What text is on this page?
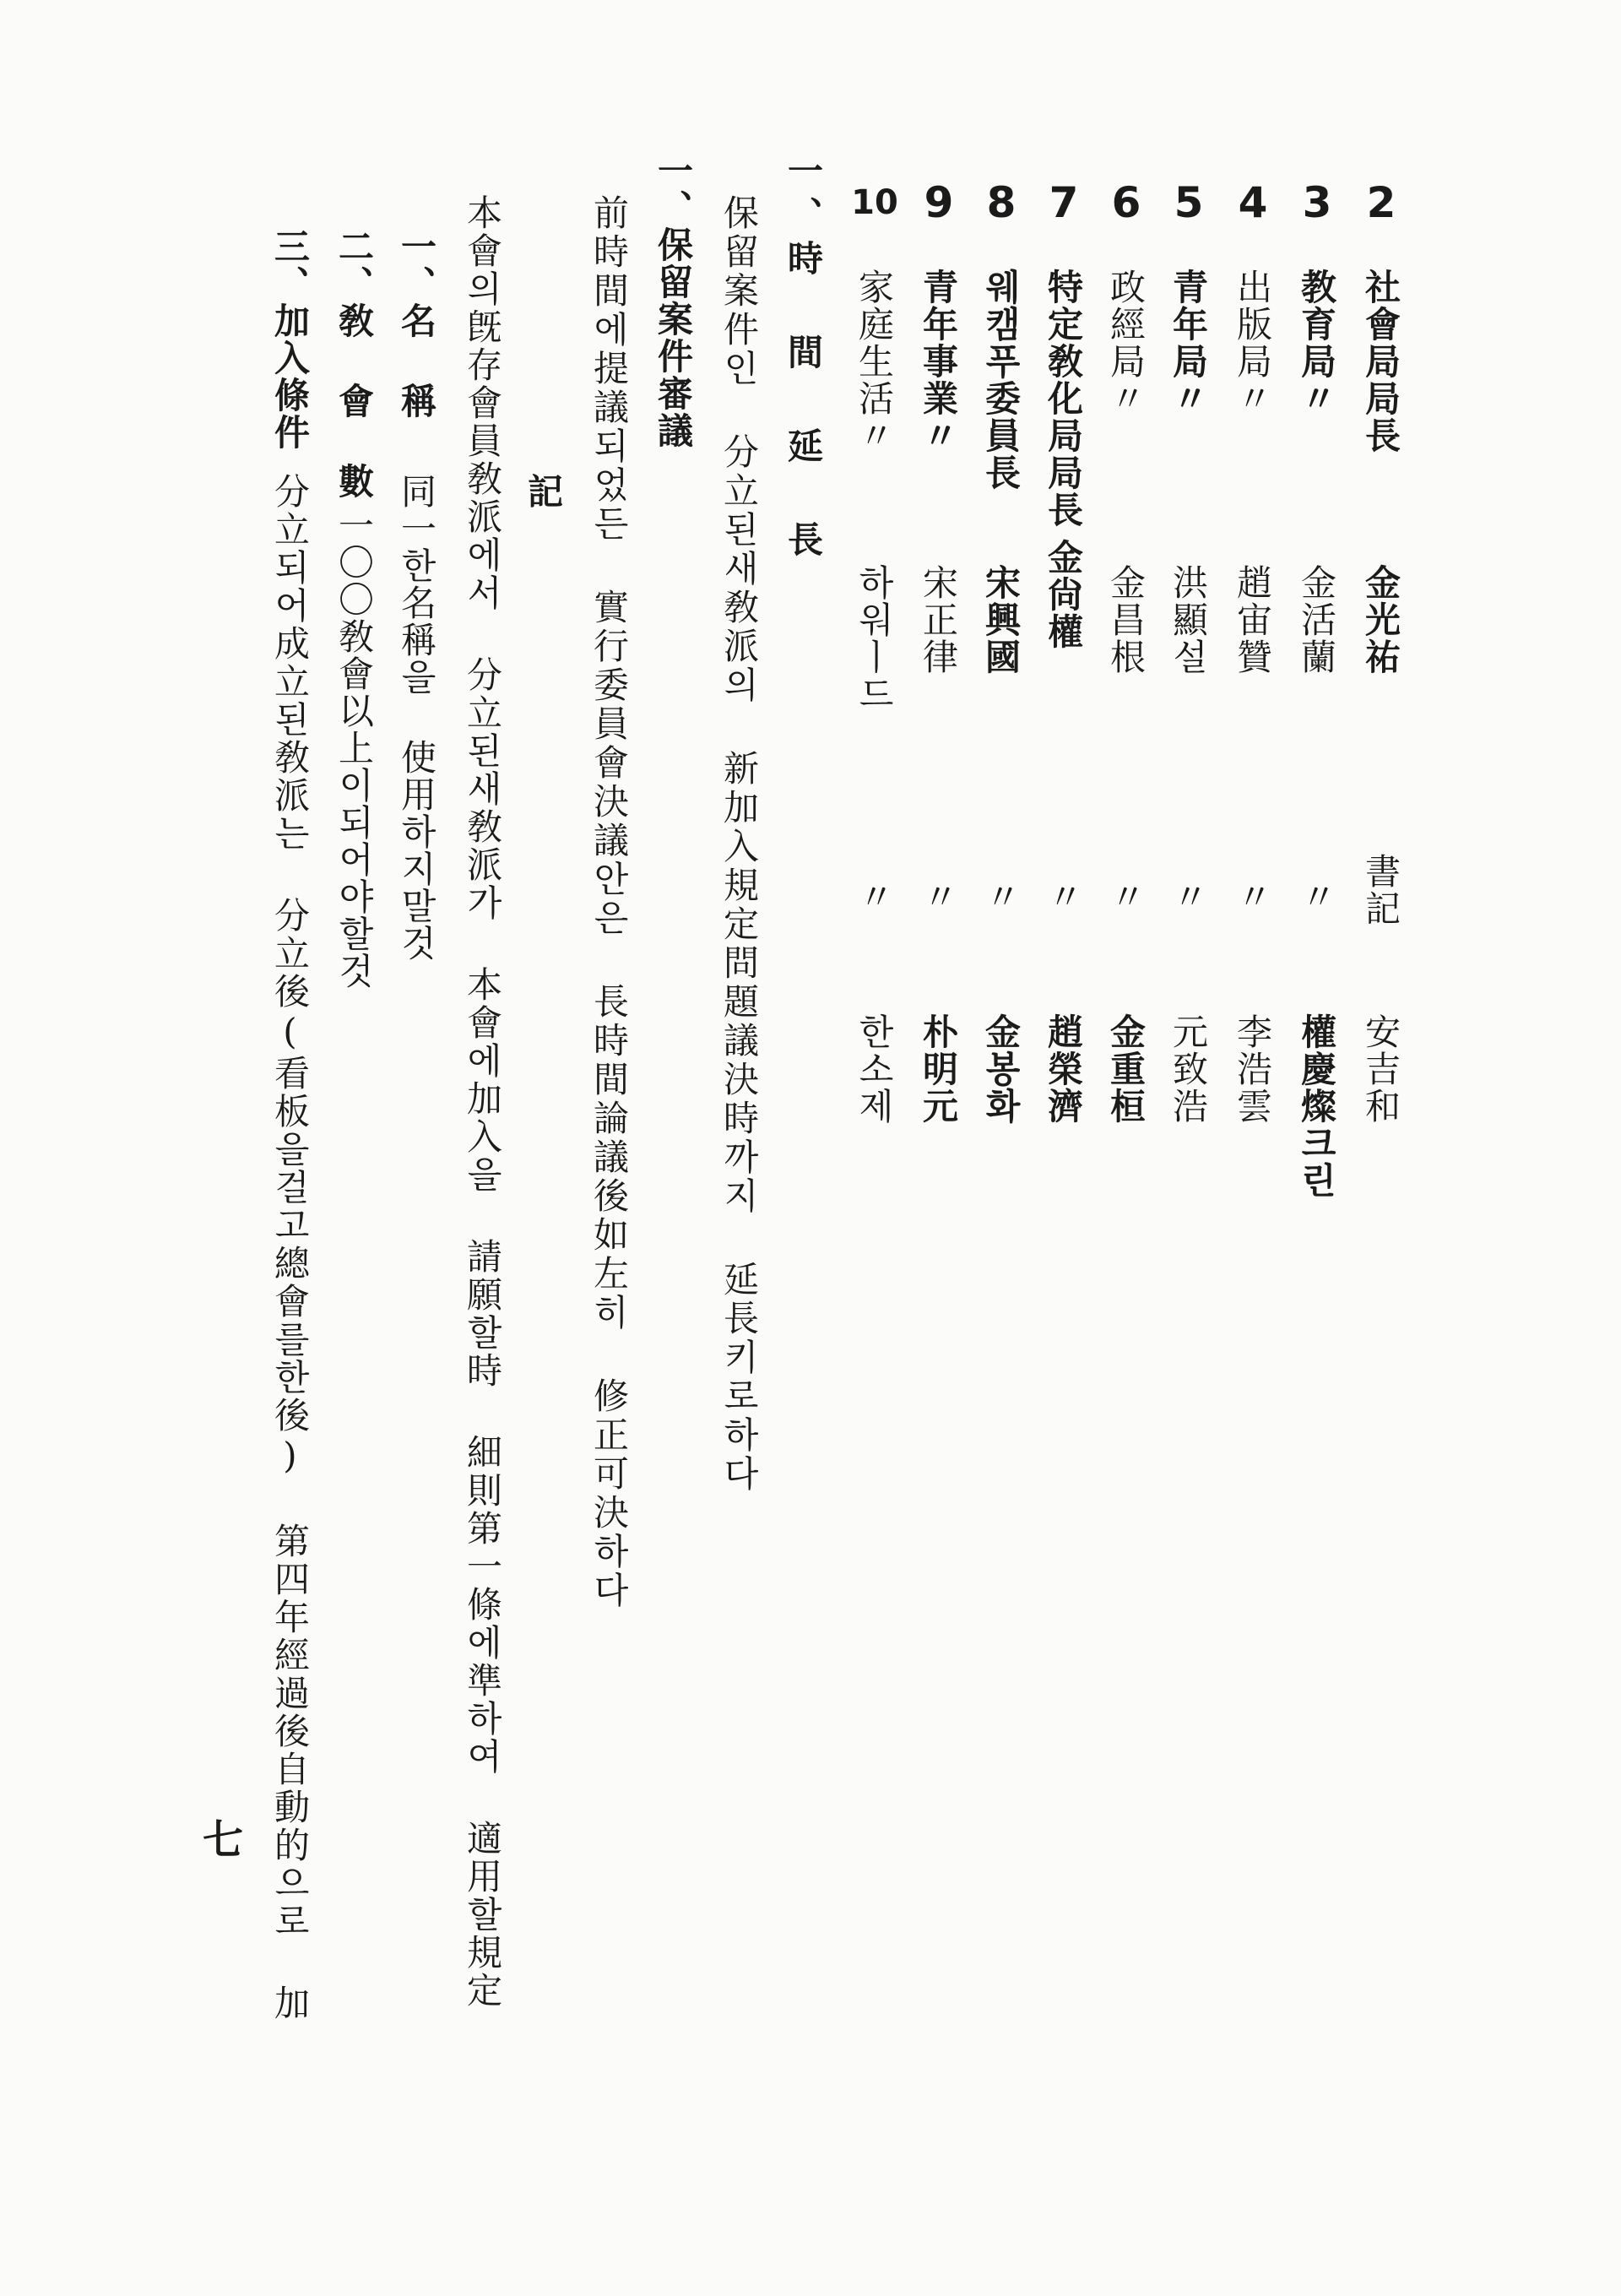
2
社會局局長
金光祐
書記
安吉和
3
教育局〃
金活蘭
〃
權慶燦크린
4
出版局〃
趙宙贊
〃
李浩雲
5
青年局〃
洪顯설
〃
元致浩
6
政經局〃
金昌根
〃
金重桓
7
特定敎化局局長
金尙權
〃
趙榮濟
8
웨캠푸委員長
宋興國
〃
金봉화
9
青年事業〃
宋正律
〃
朴明元
10
家庭生活〃
하워ㅣ드
〃
한소제
一、時 間 延 長
保留案件인 分立된새敎派의 新加入規定問題議決時까지 延長키로하다
一、保留案件審議
前時間에提議되었든 實行委員會決議안은 長時間論議後如左히 修正可決하다
記
本會의旣存會員敎派에서 分立된새敎派가 本會에加入을 請願할時 細則第一條에準하여 適用할規定
一、名 稱
同一한名稱을 使用하지말것
二、敎 會 數
一〇〇敎會以上이되어야할것
三、加入條件
分立되어成立된敎派는 分立後(看板을걸고總會를한後) 第四年經過後自動的으로 加
七
